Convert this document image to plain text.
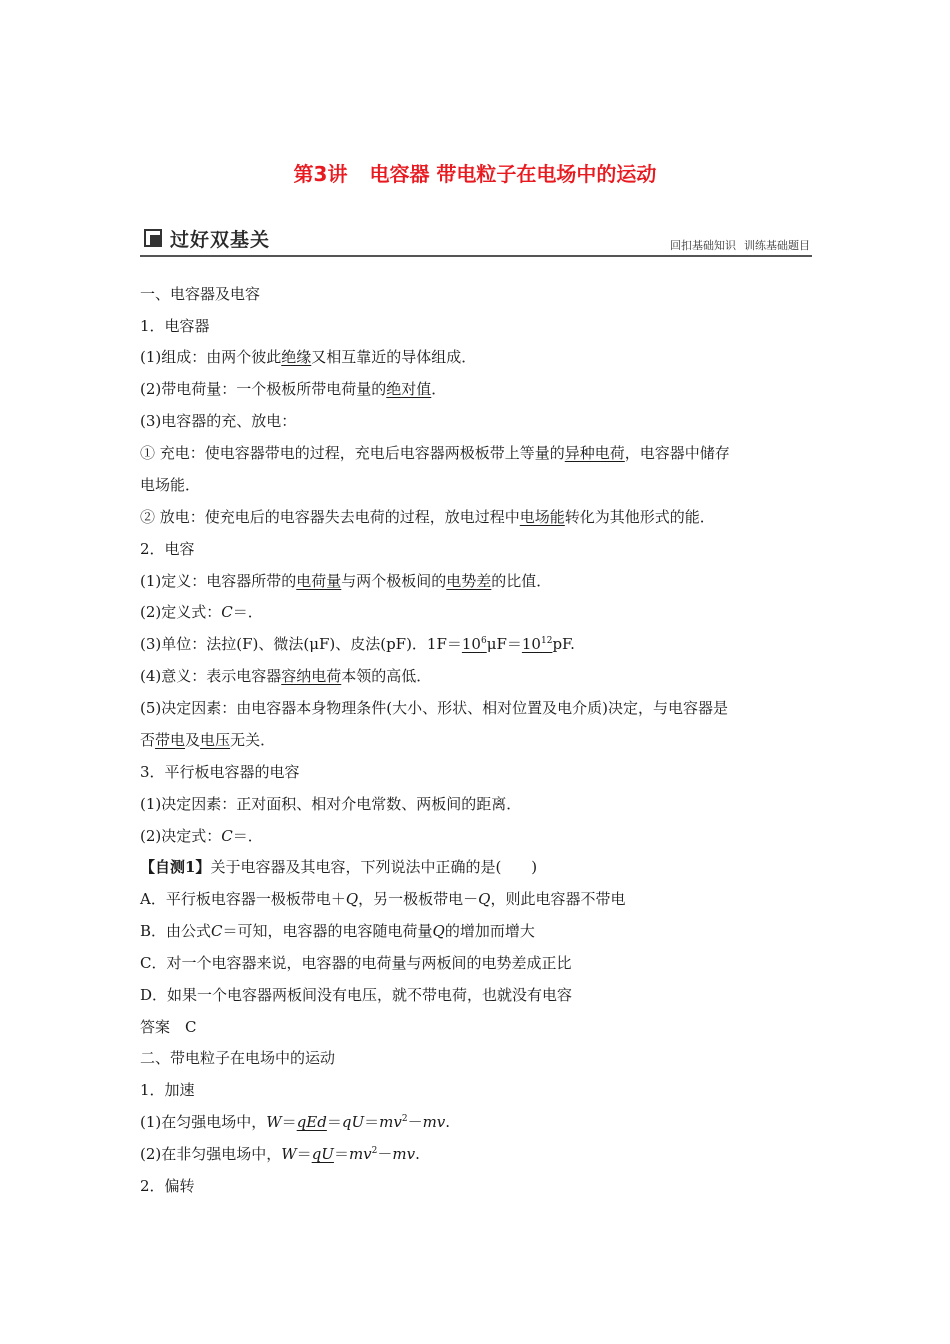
第3讲 电容器 带电粒子在电场中的运动
过好双基关	回扣基础知识 训练基础题目
一、电容器及电容
1．电容器
(1)组成：由两个彼此绝缘又相互靠近的导体组成．
(2)带电荷量：一个极板所带电荷量的绝对值．
(3)电容器的充、放电：
① 充电：使电容器带电的过程，充电后电容器两极板带上等量的异种电荷，电容器中储存
电场能．
② 放电：使充电后的电容器失去电荷的过程，放电过程中电场能转化为其他形式的能．
2．电容
(1)定义：电容器所带的电荷量与两个极板间的电势差的比值．
(2)定义式：C＝．
(3)单位：法拉(F)、微法(μF)、皮法(pF)．$1F=10^6\mu F=10^{12}pF$.
(4)意义：表示电容器容纳电荷本领的高低．
(5)决定因素：由电容器本身物理条件(大小、形状、相对位置及电介质)决定，与电容器是
否带电及电压无关．
3．平行板电容器的电容
(1)决定因素：正对面积、相对介电常数、两板间的距离．
(2)决定式：C＝．
【自测1】关于电容器及其电容，下列说法中正确的是(　　)
A．平行板电容器一极板带电＋Q，另一极板带电－Q，则此电容器不带电
B．由公式C＝可知，电容器的电容随电荷量Q的增加而增大
C．对一个电容器来说，电容器的电荷量与两板间的电势差成正比
D．如果一个电容器两板间没有电压，就不带电荷，也就没有电容
答案　C
二、带电粒子在电场中的运动
1．加速
(1)在匀强电场中，$W=qEd=qU=mv^2-mv$.
(2)在非匀强电场中，$W=qU=mv^2-mv$.
2．偏转
